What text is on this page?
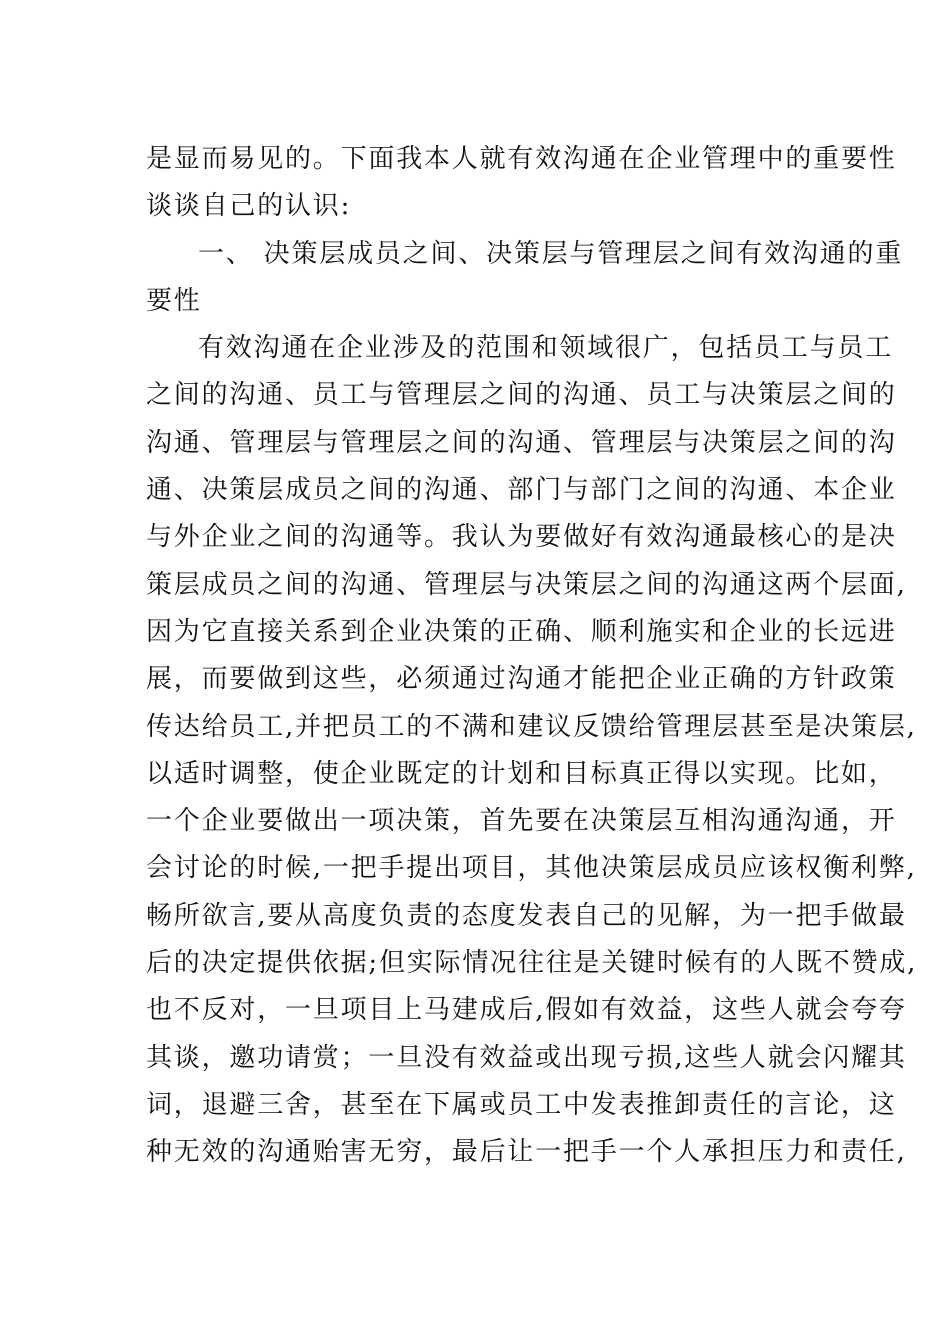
是显而易见的。下面我本人就有效沟通在企业管理中的重要性
谈谈自己的认识:
一、 决策层成员之间、决策层与管理层之间有效沟通的重
要性
有效沟通在企业涉及的范围和领域很广，包括员工与员工
之间的沟通、员工与管理层之间的沟通、员工与决策层之间的
沟通、管理层与管理层之间的沟通、管理层与决策层之间的沟
通、决策层成员之间的沟通、部门与部门之间的沟通、本企业
与外企业之间的沟通等。我认为要做好有效沟通最核心的是决
策层成员之间的沟通、管理层与决策层之间的沟通这两个层面,
因为它直接关系到企业决策的正确、顺利施实和企业的长远进
展，而要做到这些，必须通过沟通才能把企业正确的方针政策
传达给员工,并把员工的不满和建议反馈给管理层甚至是决策层,
以适时调整，使企业既定的计划和目标真正得以实现。比如，
一个企业要做出一项决策，首先要在决策层互相沟通沟通，开
会讨论的时候,一把手提出项目，其他决策层成员应该权衡利弊,
畅所欲言,要从高度负责的态度发表自己的见解，为一把手做最
后的决定提供依据;但实际情况往往是关键时候有的人既不赞成,
也不反对，一旦项目上马建成后,假如有效益，这些人就会夸夸
其谈，邀功请赏；一旦没有效益或出现亏损,这些人就会闪耀其
词，退避三舍，甚至在下属或员工中发表推卸责任的言论，这
种无效的沟通贻害无穷，最后让一把手一个人承担压力和责任,
